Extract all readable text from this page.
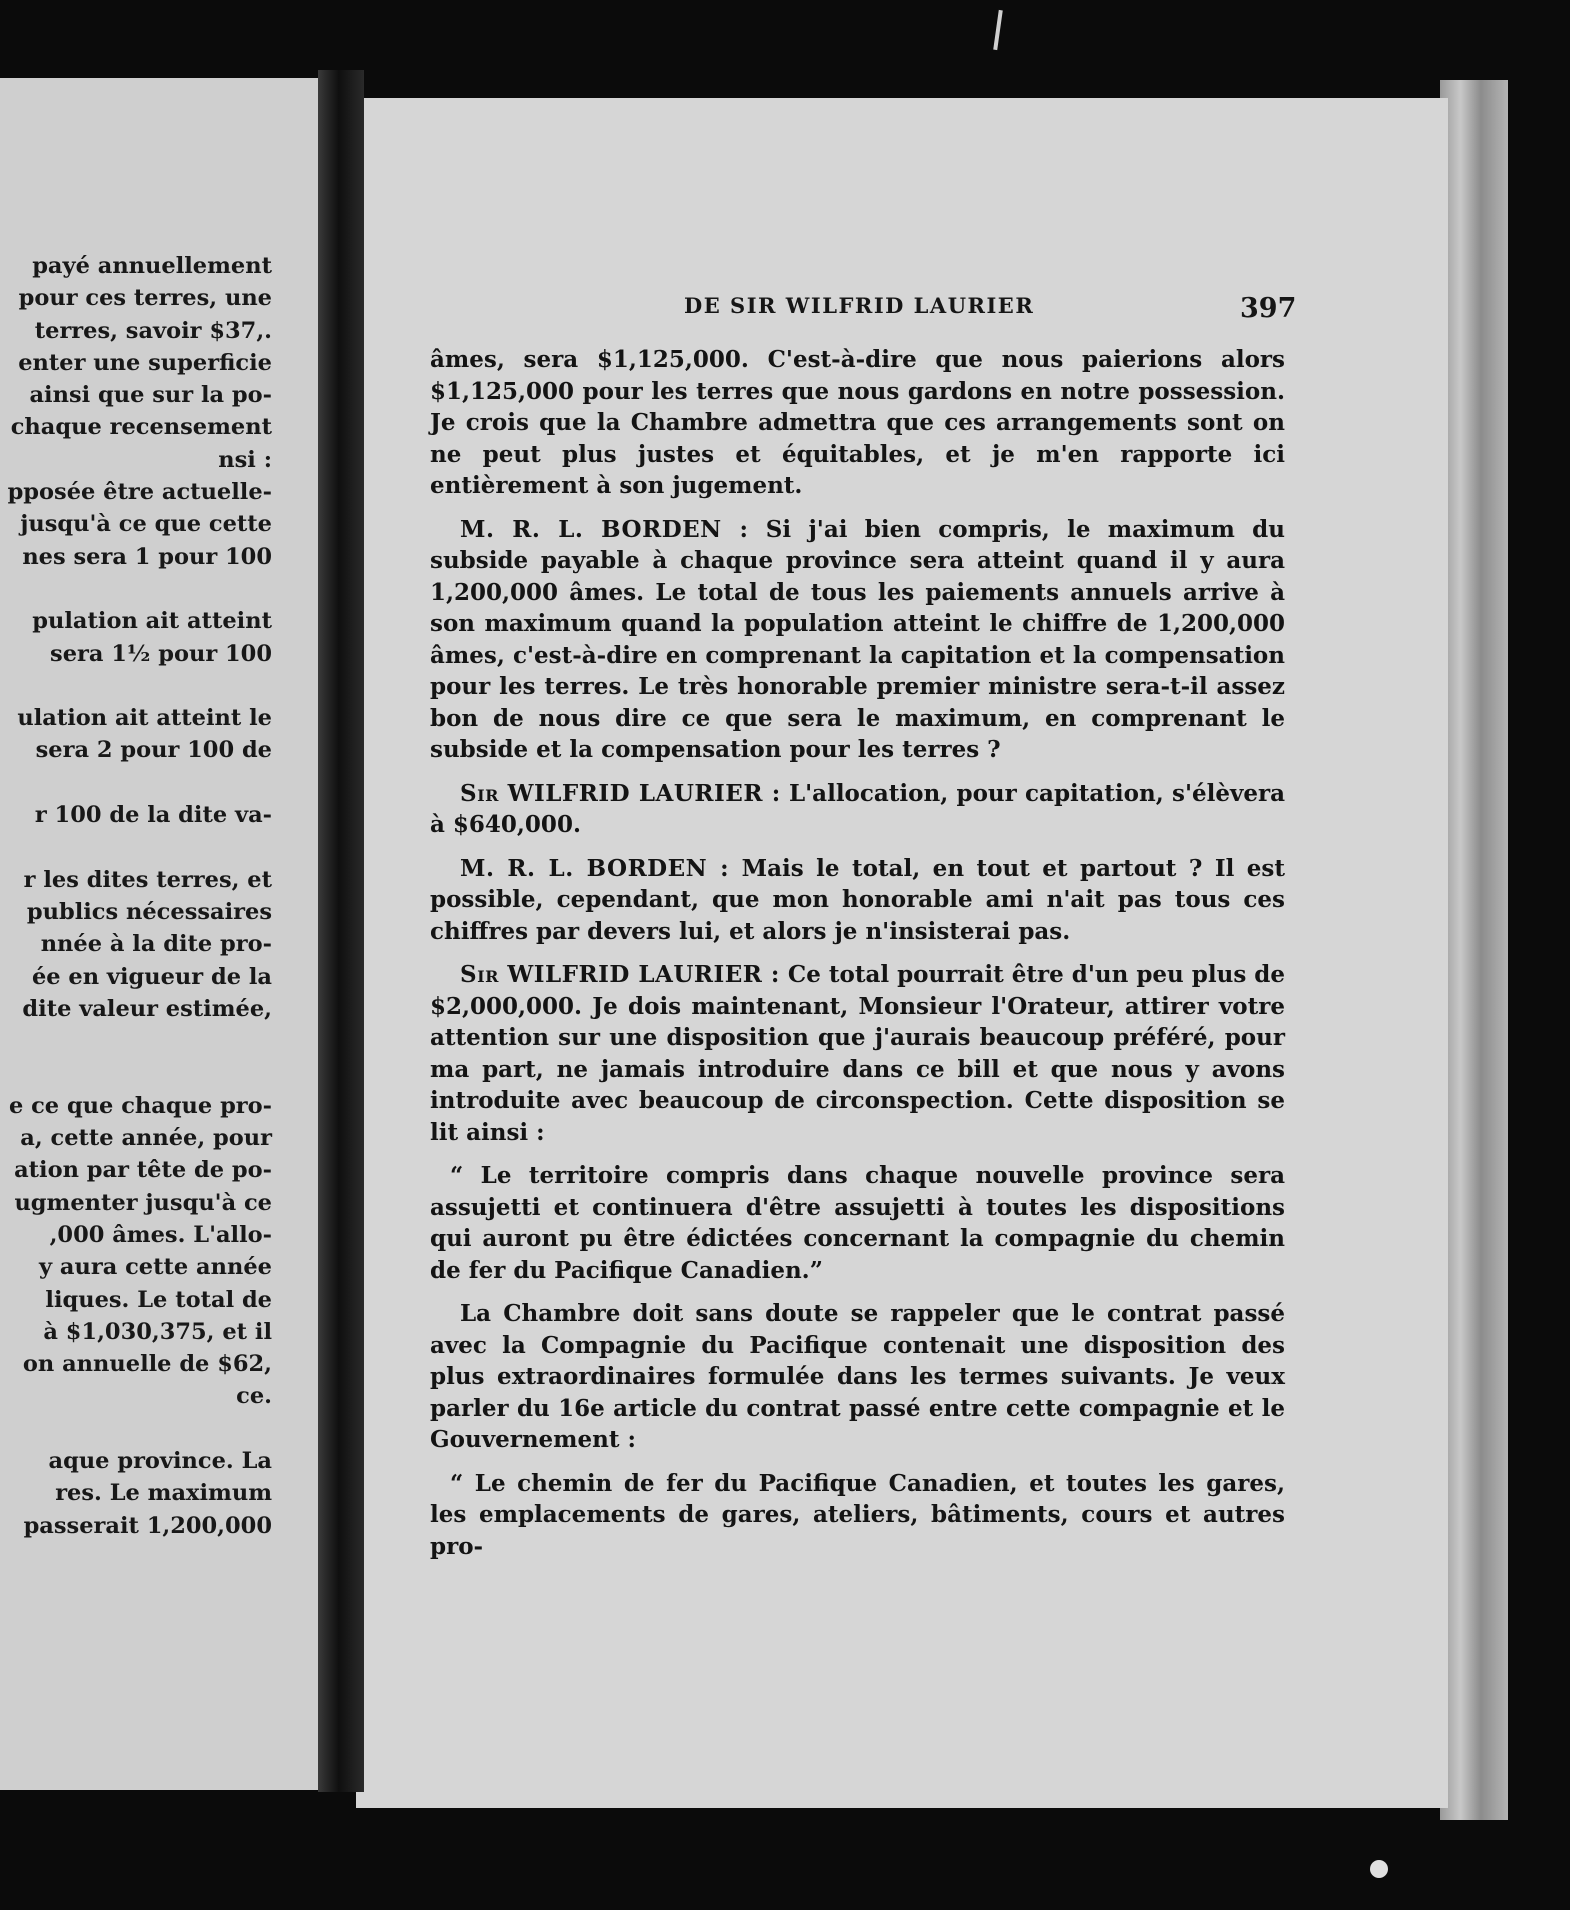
payé annuellement

pour ces terres, une

terres, savoir $37,.

enter une superficie

ainsi que sur la po-

chaque recensement

nsi :

pposée être actuelle-

jusqu'à ce que cette

nes sera 1 pour 100

pulation ait atteint

sera 1½ pour 100

ulation ait atteint le

sera 2 pour 100 de

r 100 de la dite va-

r les dites terres, et

publics nécessaires

nnée à la dite pro-

ée en vigueur de la

dite valeur estimée,

e ce que chaque pro-

a, cette année, pour

ation par tête de po-

ugmenter jusqu'à ce

,000 âmes. L'allo-

y aura cette année

liques. Le total de

à $1,030,375, et il

on annuelle de $62,

ce.

aque province. La

res. Le maximum

passerait 1,200,000

DE SIR WILFRID LAURIER	397

âmes, sera $1,125,000. C'est-à-dire que nous paierions alors $1,125,000 pour les terres que nous gardons en notre possession. Je crois que la Chambre admettra que ces arrangements sont on ne peut plus justes et équitables, et je m'en rapporte ici entièrement à son jugement.

M. R. L. BORDEN : Si j'ai bien compris, le maximum du subside payable à chaque province sera atteint quand il y aura 1,200,000 âmes. Le total de tous les paiements annuels arrive à son maximum quand la population atteint le chiffre de 1,200,000 âmes, c'est-à-dire en comprenant la capitation et la compensation pour les terres. Le très honorable premier ministre sera-t-il assez bon de nous dire ce que sera le maximum, en comprenant le subside et la compensation pour les terres ?

Sir WILFRID LAURIER : L'allocation, pour capitation, s'élèvera à $640,000.

M. R. L. BORDEN : Mais le total, en tout et partout ? Il est possible, cependant, que mon honorable ami n'ait pas tous ces chiffres par devers lui, et alors je n'insisterai pas.

Sir WILFRID LAURIER : Ce total pourrait être d'un peu plus de $2,000,000. Je dois maintenant, Monsieur l'Orateur, attirer votre attention sur une disposition que j'aurais beaucoup préféré, pour ma part, ne jamais introduire dans ce bill et que nous y avons introduite avec beaucoup de circonspection. Cette disposition se lit ainsi :

“ Le territoire compris dans chaque nouvelle province sera assujetti et continuera d'être assujetti à toutes les dispositions qui auront pu être édictées concernant la compagnie du chemin de fer du Pacifique Canadien.”

La Chambre doit sans doute se rappeler que le contrat passé avec la Compagnie du Pacifique contenait une disposition des plus extraordinaires formulée dans les termes suivants. Je veux parler du 16e article du contrat passé entre cette compagnie et le Gouvernement :

“ Le chemin de fer du Pacifique Canadien, et toutes les gares, les emplacements de gares, ateliers, bâtiments, cours et autres pro-
